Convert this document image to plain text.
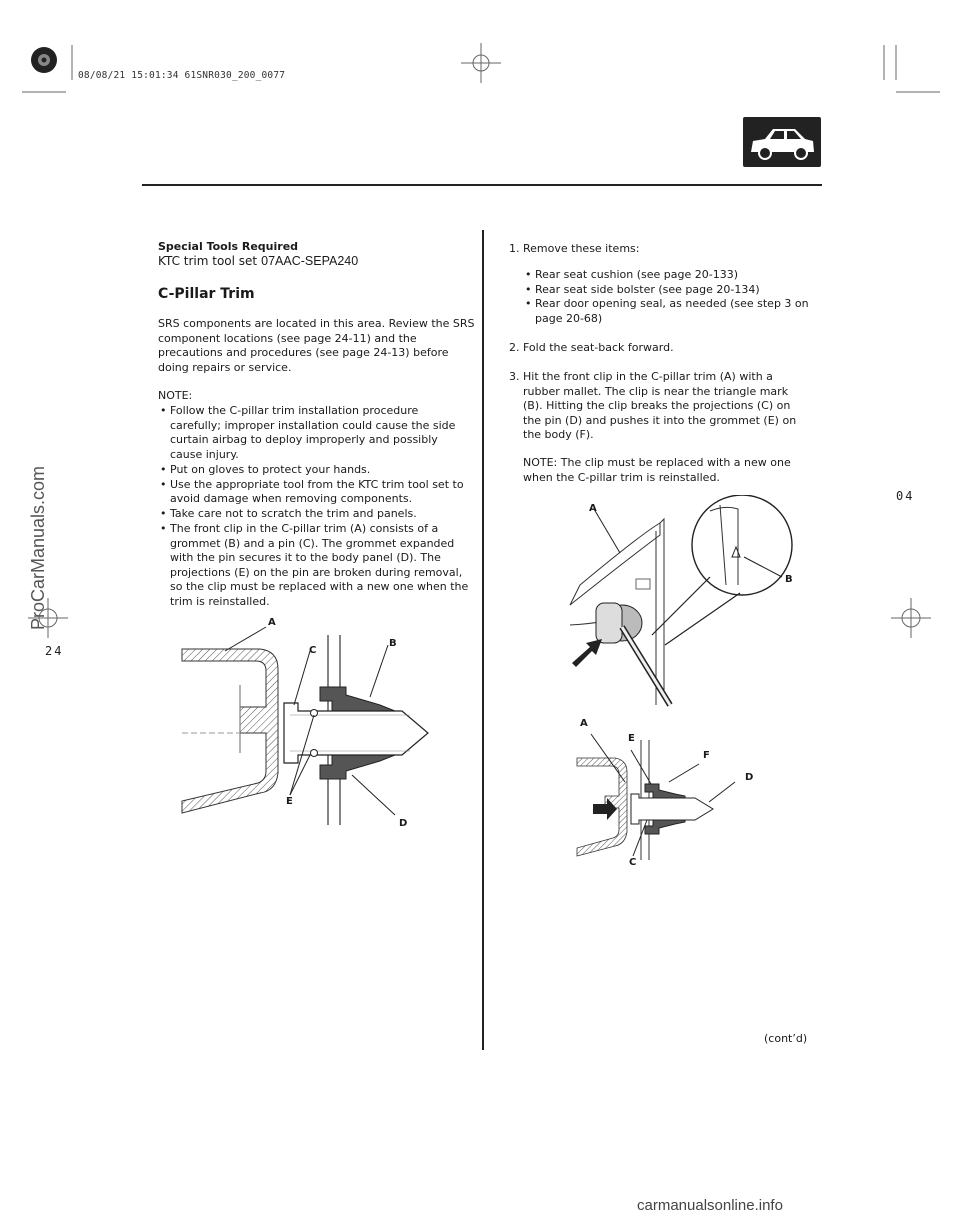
08/08/21 15:01:34 61SNR030_200_0077
Special Tools Required
KTC trim tool set 07AAC-SEPA240
C-Pillar Trim
SRS components are located in this area. Review the SRS component locations (see page 24-11) and the precautions and procedures (see page 24-13) before doing repairs or service.
NOTE:
• Follow the C-pillar trim installation procedure carefully; improper installation could cause the side curtain airbag to deploy improperly and possibly cause injury.
• Put on gloves to protect your hands.
• Use the appropriate tool from the KTC trim tool set to avoid damage when removing components.
• Take care not to scratch the trim and panels.
• The front clip in the C-pillar trim (A) consists of a grommet (B) and a pin (C). The grommet expanded with the pin secures it to the body panel (D). The projections (E) on the pin are broken during removal, so the clip must be replaced with a new one when the trim is reinstalled.
A
C
B
E
D
1. Remove these items:
• Rear seat cushion (see page 20-133)
• Rear seat side bolster (see page 20-134)
• Rear door opening seal, as needed (see step 3 on page 20-68)
2. Fold the seat-back forward.
3. Hit the front clip in the C-pillar trim (A) with a rubber mallet. The clip is near the triangle mark (B). Hitting the clip breaks the projections (C) on the pin (D) and pushes it into the grommet (E) on the body (F).
NOTE: The clip must be replaced with a new one when the C-pillar trim is reinstalled.
A
B
A
E
F
D
C
(cont’d)
ProCarManuals.com
24
04
carmanualsonline.info
